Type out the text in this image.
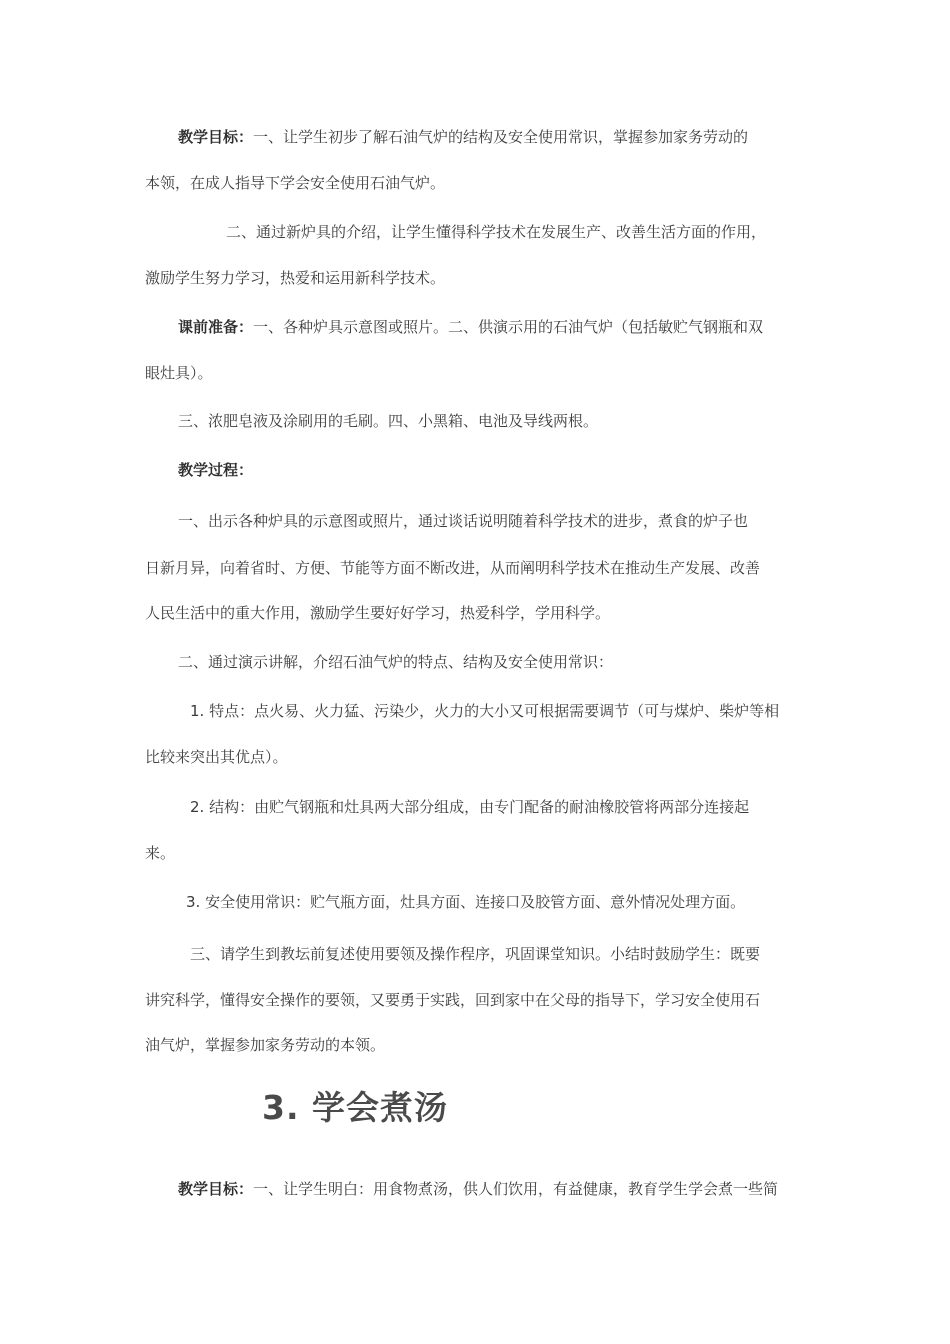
教学目标：一、让学生初步了解石油气炉的结构及安全使用常识，掌握参加家务劳动的
本领，在成人指导下学会安全使用石油气炉。
二、通过新炉具的介绍，让学生懂得科学技术在发展生产、改善生活方面的作用，
激励学生努力学习，热爱和运用新科学技术。
课前准备：一、各种炉具示意图或照片。二、供演示用的石油气炉（包括敏贮气钢瓶和双
眼灶具）。
三、浓肥皂液及涂刷用的毛刷。四、小黑箱、电池及导线两根。
教学过程：
一、出示各种炉具的示意图或照片，通过谈话说明随着科学技术的进步，煮食的炉子也
日新月异，向着省时、方便、节能等方面不断改进，从而阐明科学技术在推动生产发展、改善
人民生活中的重大作用，激励学生要好好学习，热爱科学，学用科学。
二、通过演示讲解，介绍石油气炉的特点、结构及安全使用常识：
1. 特点：点火易、火力猛、污染少，火力的大小又可根据需要调节（可与煤炉、柴炉等相
比较来突出其优点）。
2. 结构：由贮气钢瓶和灶具两大部分组成，由专门配备的耐油橡胶管将两部分连接起
来。
3. 安全使用常识：贮气瓶方面，灶具方面、连接口及胶管方面、意外情况处理方面。
三、请学生到教坛前复述使用要领及操作程序，巩固课堂知识。小结时鼓励学生：既要
讲究科学，懂得安全操作的要领，又要勇于实践，回到家中在父母的指导下，学习安全使用石
油气炉，掌握参加家务劳动的本领。
3. 学会煮汤
教学目标：一、让学生明白：用食物煮汤，供人们饮用，有益健康，教育学生学会煮一些简
